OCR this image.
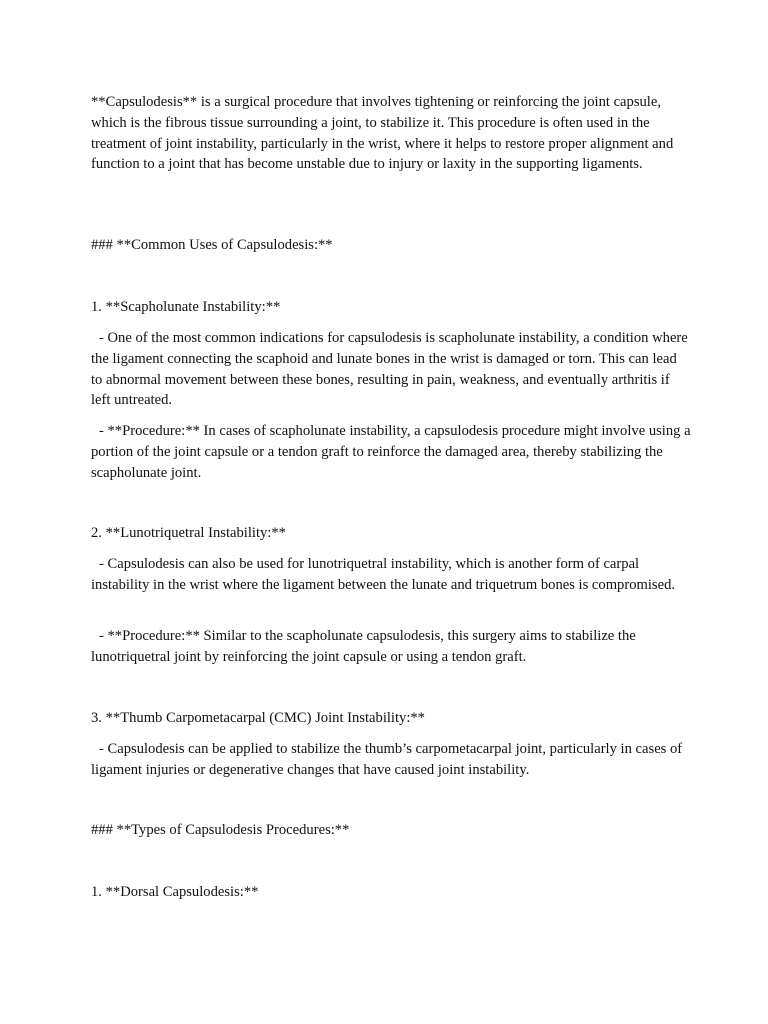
**Capsulodesis** is a surgical procedure that involves tightening or reinforcing the joint capsule, which is the fibrous tissue surrounding a joint, to stabilize it. This procedure is often used in the treatment of joint instability, particularly in the wrist, where it helps to restore proper alignment and function to a joint that has become unstable due to injury or laxity in the supporting ligaments.

### **Common Uses of Capsulodesis:**

1. **Scapholunate Instability:**

- One of the most common indications for capsulodesis is scapholunate instability, a condition where the ligament connecting the scaphoid and lunate bones in the wrist is damaged or torn. This can lead to abnormal movement between these bones, resulting in pain, weakness, and eventually arthritis if left untreated.

- **Procedure:** In cases of scapholunate instability, a capsulodesis procedure might involve using a portion of the joint capsule or a tendon graft to reinforce the damaged area, thereby stabilizing the scapholunate joint.

2. **Lunotriquetral Instability:**

- Capsulodesis can also be used for lunotriquetral instability, which is another form of carpal instability in the wrist where the ligament between the lunate and triquetrum bones is compromised.

- **Procedure:** Similar to the scapholunate capsulodesis, this surgery aims to stabilize the lunotriquetral joint by reinforcing the joint capsule or using a tendon graft.

3. **Thumb Carpometacarpal (CMC) Joint Instability:**

- Capsulodesis can be applied to stabilize the thumb’s carpometacarpal joint, particularly in cases of ligament injuries or degenerative changes that have caused joint instability.

### **Types of Capsulodesis Procedures:**

1. **Dorsal Capsulodesis:**
